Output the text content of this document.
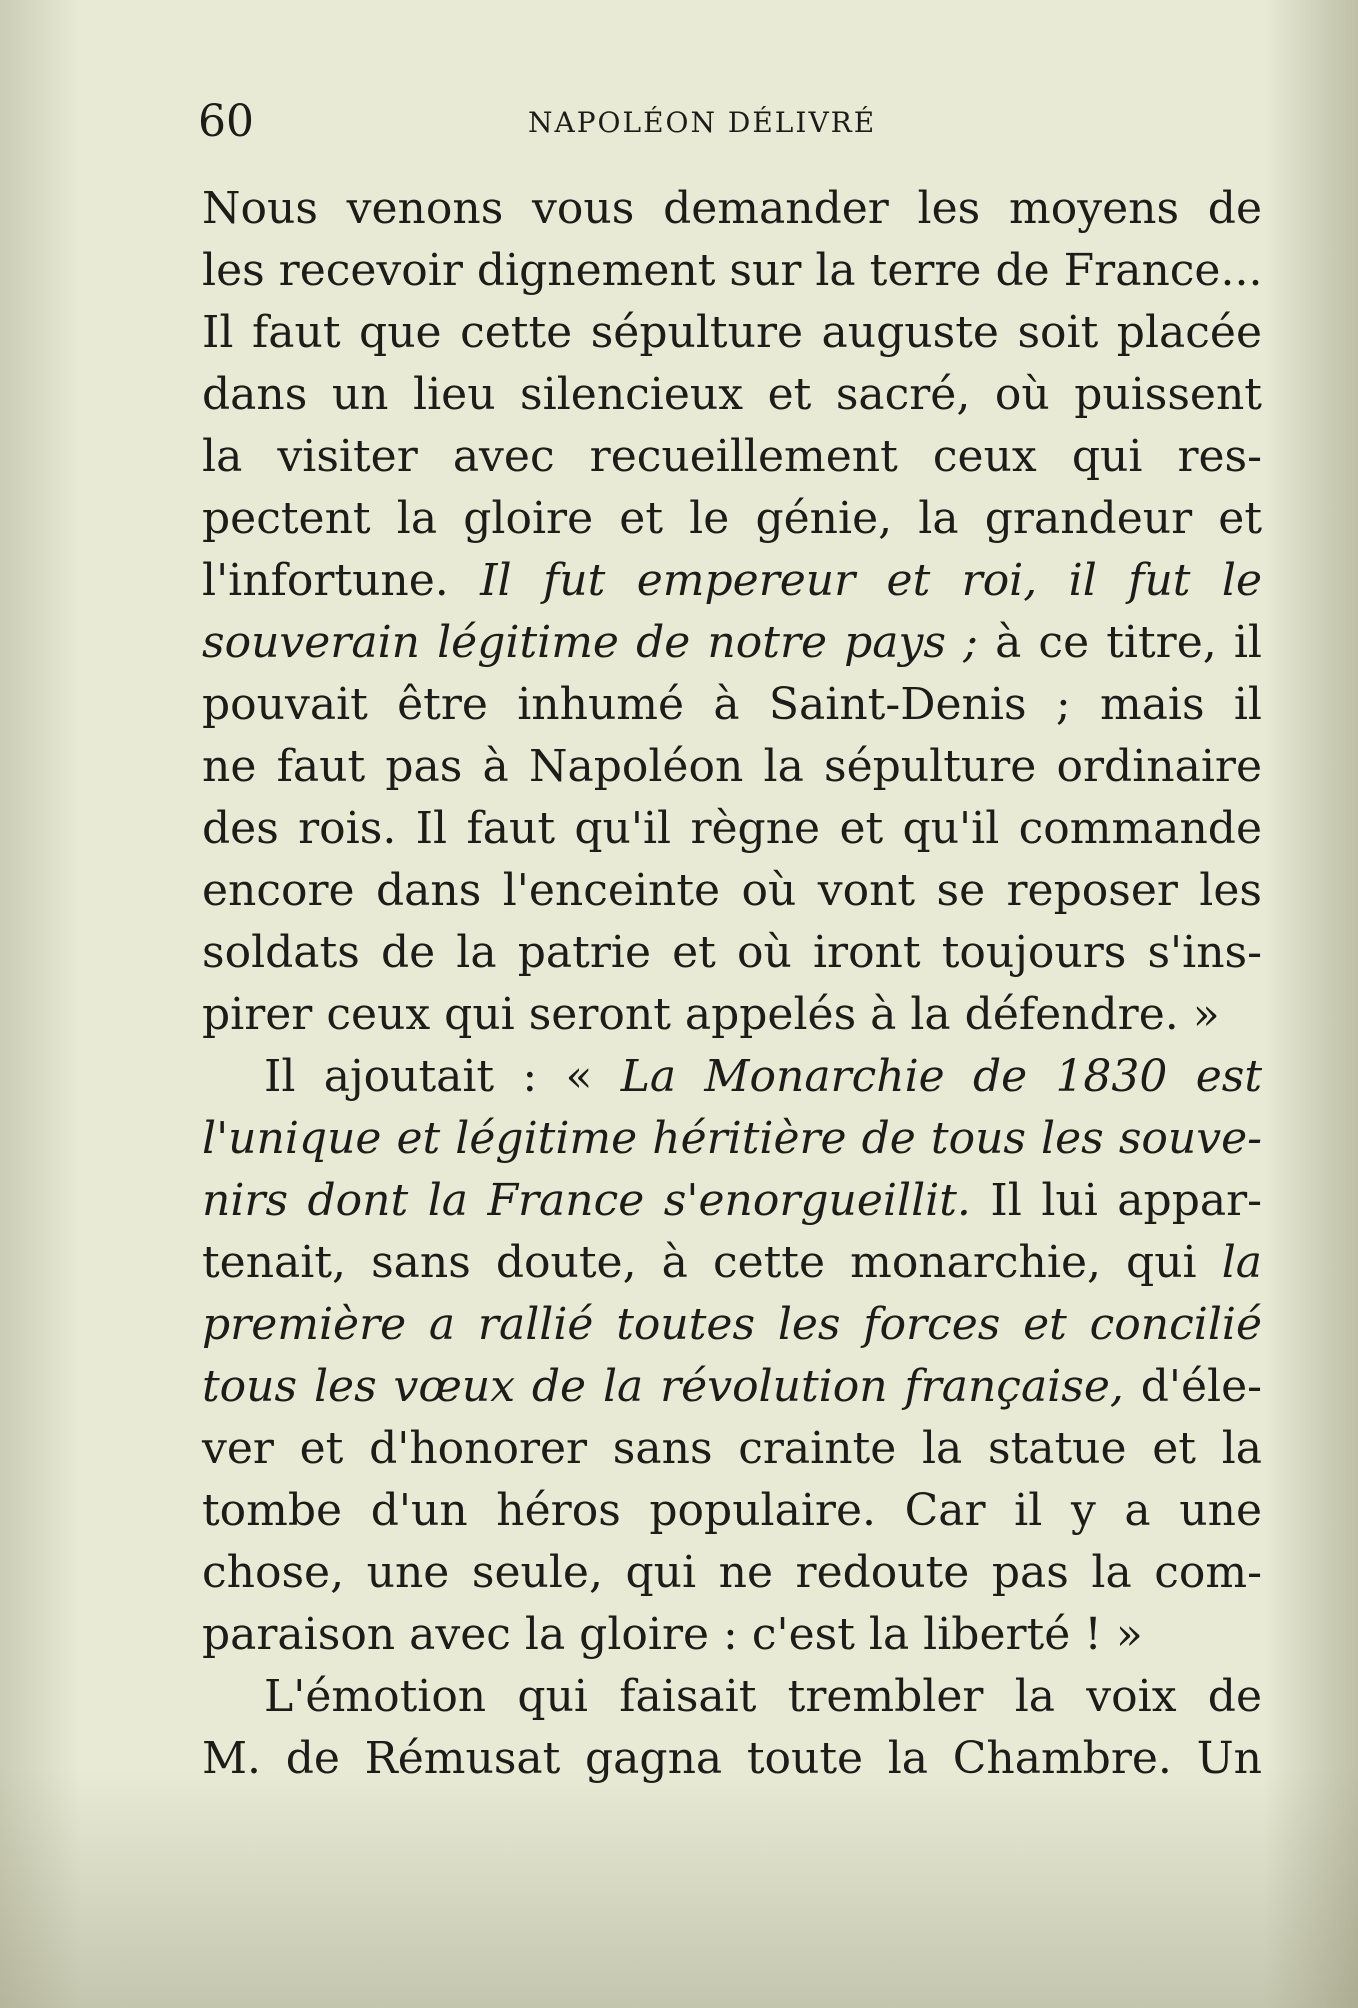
60	NAPOLÉON DÉLIVRÉ
Nous venons vous demander les moyens de
les recevoir dignement sur la terre de France...
Il faut que cette sépulture auguste soit placée
dans un lieu silencieux et sacré, où puissent
la visiter avec recueillement ceux qui res-
pectent la gloire et le génie, la grandeur et
l'infortune. Il fut empereur et roi, il fut le
souverain légitime de notre pays ; à ce titre, il
pouvait être inhumé à Saint-Denis ; mais il
ne faut pas à Napoléon la sépulture ordinaire
des rois. Il faut qu'il règne et qu'il commande
encore dans l'enceinte où vont se reposer les
soldats de la patrie et où iront toujours s'ins-
pirer ceux qui seront appelés à la défendre. »
Il ajoutait : « La Monarchie de 1830 est
l'unique et légitime héritière de tous les souve-
nirs dont la France s'enorgueillit. Il lui appar-
tenait, sans doute, à cette monarchie, qui la
première a rallié toutes les forces et concilié
tous les vœux de la révolution française, d'éle-
ver et d'honorer sans crainte la statue et la
tombe d'un héros populaire. Car il y a une
chose, une seule, qui ne redoute pas la com-
paraison avec la gloire : c'est la liberté ! »
L'émotion qui faisait trembler la voix de
M. de Rémusat gagna toute la Chambre. Un
